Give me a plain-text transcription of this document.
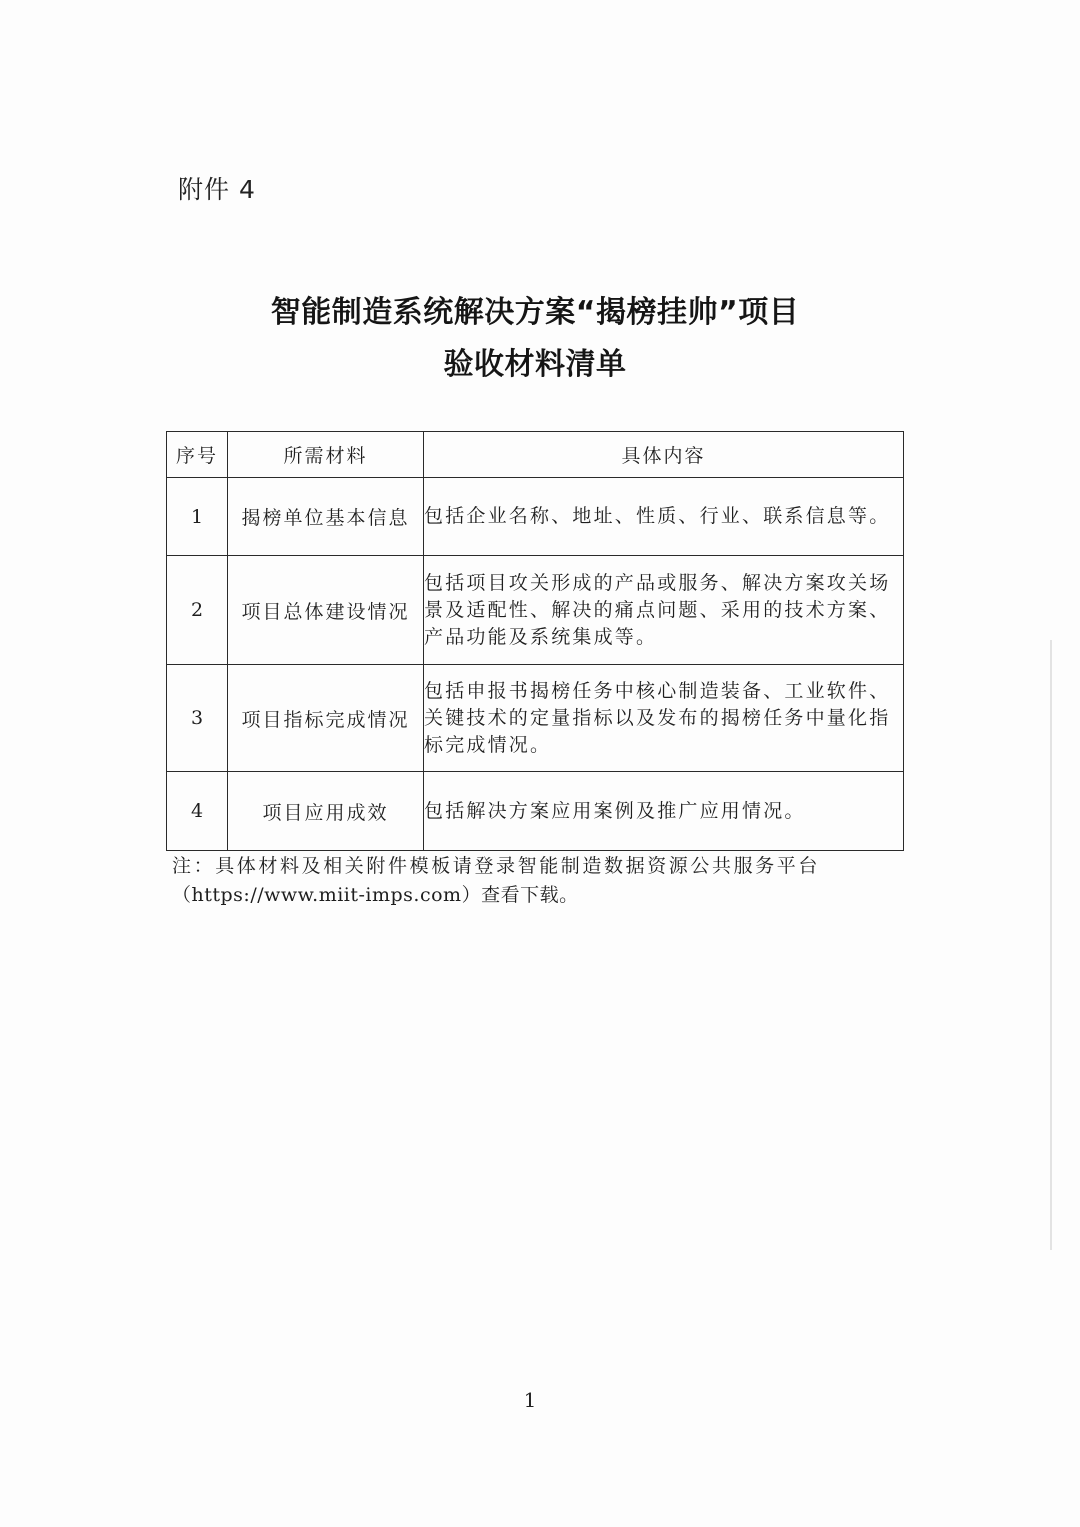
附件 4
智能制造系统解决方案“揭榜挂帅”项目
验收材料清单
序号	所需材料	具体内容
1	揭榜单位基本信息	包括企业名称、地址、性质、行业、联系信息等。
2	项目总体建设情况	包括项目攻关形成的产品或服务、解决方案攻关场景及适配性、解决的痛点问题、采用的技术方案、产品功能及系统集成等。
3	项目指标完成情况	包括申报书揭榜任务中核心制造装备、工业软件、关键技术的定量指标以及发布的揭榜任务中量化指标完成情况。
4	项目应用成效	包括解决方案应用案例及推广应用情况。
注：具体材料及相关附件模板请登录智能制造数据资源公共服务平台
（https://www.miit-imps.com）查看下载。
1
